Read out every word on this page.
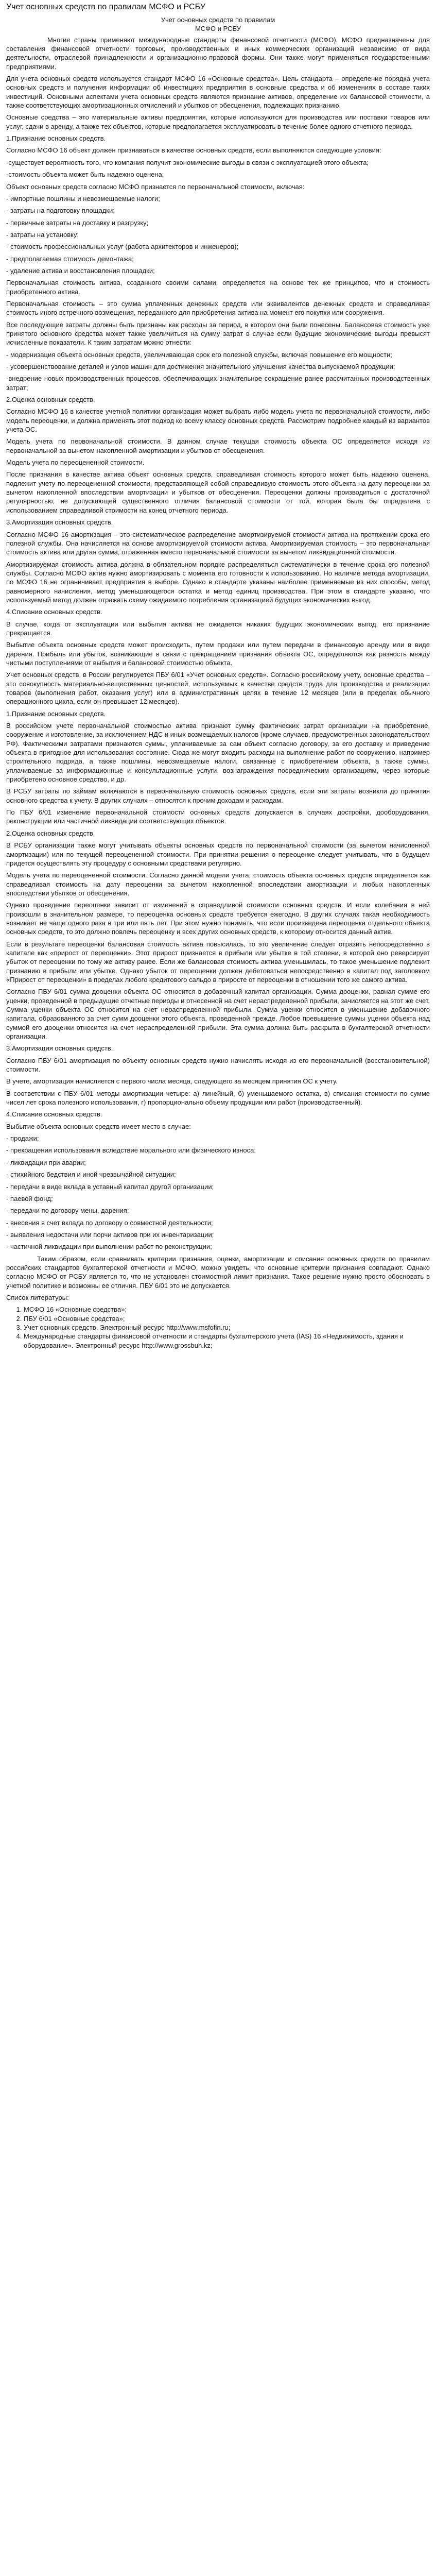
Учет основных средств по правилам МСФО и РСБУ
Учет основных средств по правилам
МСФО и РСБУ
Многие страны применяют международные стандарты финансовой отчетности (МСФО). МСФО предназначены для составления финансовой отчетности торговых, производственных и иных коммерческих организаций независимо от вида деятельности, отраслевой принадлежности и организационно-правовой формы. Они также могут применяться государственными предприятиями.
Для учета основных средств используется стандарт МСФО 16 «Основные средства». Цель стандарта – определение порядка учета основных средств и получения информации об инвестициях предприятия в основные средства и об изменениях в составе таких инвестиций. Основными аспектами учета основных средств являются признание активов, определение их балансовой стоимости, а также соответствующих амортизационных отчислений и убытков от обесценения, подлежащих признанию.
Основные средства – это материальные активы предприятия, которые используются для производства или поставки товаров или услуг, сдачи в аренду, а также тех объектов, которые предполагается эксплуатировать в течение более одного отчетного периода.
1.Признание основных средств.
Согласно МСФО 16 объект должен признаваться в качестве основных средств, если выполняются следующие условия:
-существует вероятность того, что компания получит экономические выгоды в связи с эксплуатацией этого объекта;
-стоимость объекта может быть надежно оценена;
Объект основных средств согласно МСФО признается по первоначальной стоимости, включая:
- импортные пошлины и невозмещаемые налоги;
- затраты на подготовку площадки;
- первичные затраты на доставку и разгрузку;
- затраты на установку;
- стоимость профессиональных услуг (работа архитекторов и инженеров);
- предполагаемая стоимость демонтажа;
- удаление актива и восстановления площадки;
Первоначальная стоимость актива, созданного своими силами, определяется на основе тех же принципов, что и стоимость приобретенного актива.
Первоначальная стоимость – это сумма уплаченных денежных средств или эквивалентов денежных средств и справедливая стоимость иного встречного возмещения, переданного для приобретения актива на момент его покупки или сооружения.
Все последующие затраты должны быть признаны как расходы за период, в котором они были понесены. Балансовая стоимость уже принятого основного средства может также увеличиться на сумму затрат в случае если будущие экономические выгоды превысят исчисленные показатели. К таким затратам можно отнести:
- модернизация объекта основных средств, увеличивающая срок его полезной службы, включая повышение его мощности;
- усовершенствование деталей и узлов машин для достижения значительного улучшения качества выпускаемой продукции;
-внедрение новых производственных процессов, обеспечивающих значительное сокращение ранее рассчитанных производственных затрат;
2.Оценка основных средств.
Согласно МСФО 16 в качестве учетной политики организация может выбрать либо модель учета по первоначальной стоимости, либо модель переоценки, и должна применять этот подход ко всему классу основных средств. Рассмотрим подробнее каждый из вариантов учета ОС.
Модель учета по первоначальной стоимости. В данном случае текущая стоимость объекта ОС определяется исходя из первоначальной за вычетом накопленной амортизации и убытков от обесценения.
Модель учета по переоцененной стоимости.
После признания в качестве актива объект основных средств, справедливая стоимость которого может быть надежно оценена, подлежит учету по переоцененной стоимости, представляющей собой справедливую стоимость этого объекта на дату переоценки за вычетом накопленной впоследствии амортизации и убытков от обесценения. Переоценки должны производиться с достаточной регулярностью, не допускающей существенного отличия балансовой стоимости от той, которая была бы определена с использованием справедливой стоимости на конец отчетного периода.
3.Амортизация основных средств.
Согласно МСФО 16 амортизация – это систематическое распределение амортизируемой стоимости актива на протяжении срока его полезной службы. Она начисляется на основе амортизируемой стоимости актива. Амортизируемая стоимость – это первоначальная стоимость актива или другая сумма, отраженная вместо первоначальной стоимости за вычетом ликвидационной стоимости.
Амортизируемая стоимость актива должна в обязательном порядке распределяться систематически в течение срока его полезной службы. Согласно МСФО актив нужно амортизировать с момента его готовности к использованию. Но наличие метода амортизации, по МСФО 16 не ограничивает предприятия в выборе. Однако в стандарте указаны наиболее применяемые из них способы, метод равномерного начисления, метод уменьшающегося остатка и метод единиц производства. При этом в стандарте указано, что используемый метод должен отражать схему ожидаемого потребления организацией будущих экономических выгод.
4.Списание основных средств.
В случае, когда от эксплуатации или выбытия актива не ожидается никаких будущих экономических выгод, его признание прекращается.
Выбытие объекта основных средств может происходить, путем продажи или путем передачи в финансовую аренду или в виде дарения. Прибыль или убыток, возникающие в связи с прекращением признания объекта ОС, определяются как разность между чистыми поступлениями от выбытия и балансовой стоимостью объекта.
Учет основных средств, в России регулируется ПБУ 6/01 «Учет основных средств». Согласно российскому учету, основные средства – это совокупность материально-вещественных ценностей, используемых в качестве средств труда для производства и реализации товаров (выполнения работ, оказания услуг) или в административных целях в течение 12 месяцев (или в пределах обычного операционного цикла, если он превышает 12 месяцев).
1.Признание основных средств.
В российском учете первоначальной стоимостью актива признают сумму фактических затрат организации на приобретение, сооружение и изготовление, за исключением НДС и иных возмещаемых налогов (кроме случаев, предусмотренных законодательством РФ). Фактическими затратами признаются суммы, уплачиваемые за сам объект согласно договору, за его доставку и приведение объекта в пригодное для использования состояние. Сюда же могут входить расходы на выполнение работ по сооружению, например строительного подряда, а также пошлины, невозмещаемые налоги, связанные с приобретением объекта, а также суммы, уплачиваемые за информационные и консультационные услуги, вознаграждения посредническим организациям, через которые приобретено основное средство, и др.
В РСБУ затраты по займам включаются в первоначальную стоимость основных средств, если эти затраты возникли до принятия основного средства к учету. В других случаях – относятся к прочим доходам и расходам.
По ПБУ 6/01 изменение первоначальной стоимости основных средств допускается в случаях достройки, дооборудования, реконструкции или частичной ликвидации соответствующих объектов.
2.Оценка основных средств.
В РСБУ организации также могут учитывать объекты основных средств по первоначальной стоимости (за вычетом начисленной амортизации) или по текущей переоцененной стоимости. При принятии решения о переоценке следует учитывать, что в будущем придется осуществлять эту процедуру с основными средствами регулярно.
Модель учета по переоцененной стоимости. Согласно данной модели учета, стоимость объекта основных средств определяется как справедливая стоимость на дату переоценки за вычетом накопленной впоследствии амортизации и любых накопленных впоследствии убытков от обесценения.
Однако проведение переоценки зависит от изменений в справедливой стоимости основных средств. И если колебания в ней произошли в значительном размере, то переоценка основных средств требуется ежегодно. В других случаях такая необходимость возникает не чаще одного раза в три или пять лет. При этом нужно понимать, что если произведена переоценка отдельного объекта основных средств, то это должно повлечь переоценку и всех других основных средств, к которому относится данный актив.
Если в результате переоценки балансовая стоимость актива повысилась, то это увеличение следует отразить непосредственно в капитале как «прирост от переоценки». Этот прирост признается в прибыли или убытке в той степени, в которой оно реверсирует убыток от переоценки по тому же активу ранее. Если же балансовая стоимость актива уменьшилась, то такое уменьшение подлежит признанию в прибыли или убытке. Однако убыток от переоценки должен дебетоваться непосредственно в капитал под заголовком «Прирост от переоценки» в пределах любого кредитового сальдо в приросте от переоценки в отношении того же самого актива.
Согласно ПБУ 6/01 сумма дооценки объекта ОС относится в добавочный капитал организации. Сумма дооценки, равная сумме его уценки, проведенной в предыдущие отчетные периоды и отнесенной на счет нераспределенной прибыли, зачисляется на этот же счет. Сумма уценки объекта ОС относится на счет нераспределенной прибыли. Сумма уценки относится в уменьшение добавочного капитала, образованного за счет сумм дооценки этого объекта, проведенной прежде. Любое превышение суммы уценки объекта над суммой его дооценки относится на счет нераспределенной прибыли. Эта сумма должна быть раскрыта в бухгалтерской отчетности организации.
3.Амортизация основных средств.
Согласно ПБУ 6/01 амортизация по объекту основных средств нужно начислять исходя из его первоначальной (восстановительной) стоимости.
В учете, амортизация начисляется с первого числа месяца, следующего за месяцем принятия ОС к учету.
В соответствии с ПБУ 6/01 методы амортизации четыре: а) линейный, б) уменьшаемого остатка, в) списания стоимости по сумме чисел лет срока полезного использования, г) пропорционально объему продукции или работ (производственный).
4.Списание основных средств.
Выбытие объекта основных средств имеет место в случае:
- продажи;
- прекращения использования вследствие морального или физического износа;
- ликвидации при аварии;
- стихийного бедствия и иной чрезвычайной ситуации;
- передачи в виде вклада в уставный капитал другой организации;
- паевой фонд;
- передачи по договору мены, дарения;
- внесения в счет вклада по договору о совместной деятельности;
- выявления недостачи или порчи активов при их инвентаризации;
- частичной ликвидации при выполнении работ по реконструкции;
Таким образом, если сравнивать критерии признания, оценки, амортизации и списания основных средств по правилам российских стандартов бухгалтерской отчетности и МСФО, можно увидеть, что основные критерии признания совпадают. Однако согласно МСФО от РСБУ является то, что не установлен стоимостной лимит признания. Такое решение нужно просто обосновать в учетной политике и возможны ее отличия. ПБУ 6/01 это не допускается.
Список литературы:
1. МСФО 16 «Основные средства»;
2. ПБУ 6/01 «Основные средства»;
3. Учет основных средств. Электронный ресурс http://www.msfofin.ru;
4. Международные стандарты финансовой отчетности и стандарты бухгалтерского учета (IAS) 16 «Недвижимость, здания и оборудование». Электронный ресурс http://www.grossbuh.kz;
